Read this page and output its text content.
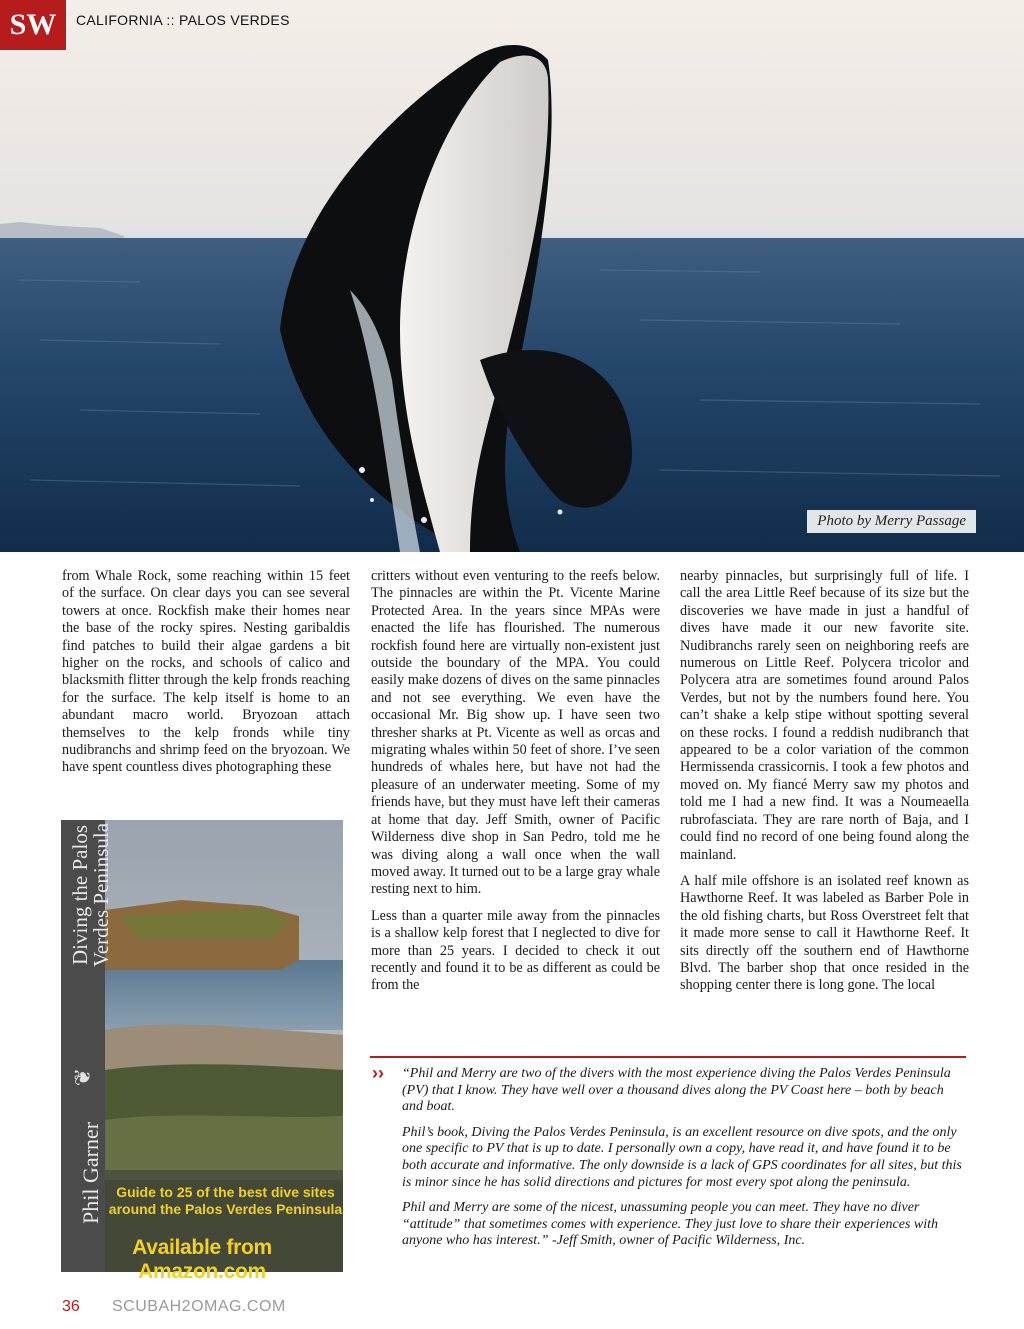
Photo by Merry Passage
SW	CALIFORNIA :: PALOS VERDES

from Whale Rock, some reaching within 15 feet of the surface. On clear days you can see several towers at once. Rockfish make their homes near the base of the rocky spires. Nesting garibaldis find patches to build their algae gardens a bit higher on the rocks, and schools of calico and blacksmith flitter through the kelp fronds reaching for the surface. The kelp itself is home to an abundant macro world. Bryozoan attach themselves to the kelp fronds while tiny nudibranchs and shrimp feed on the bryozoan. We have spent countless dives photographing these

critters without even venturing to the reefs below. The pinnacles are within the Pt. Vicente Marine Protected Area. In the years since MPAs were enacted the life has flourished. The numerous rockfish found here are virtually non-existent just outside the boundary of the MPA. You could easily make dozens of dives on the same pinnacles and not see everything. We even have the occasional Mr. Big show up. I have seen two thresher sharks at Pt. Vicente as well as orcas and migrating whales within 50 feet of shore. I’ve seen hundreds of whales here, but have not had the pleasure of an underwater meeting. Some of my friends have, but they must have left their cameras at home that day. Jeff Smith, owner of Pacific Wilderness dive shop in San Pedro, told me he was diving along a wall once when the wall moved away. It turned out to be a large gray whale resting next to him.

Less than a quarter mile away from the pinnacles is a shallow kelp forest that I neglected to dive for more than 25 years. I decided to check it out recently and found it to be as different as could be from the

nearby pinnacles, but surprisingly full of life. I call the area Little Reef because of its size but the discoveries we have made in just a handful of dives have made it our new favorite site. Nudibranchs rarely seen on neighboring reefs are numerous on Little Reef. Polycera tricolor and Polycera atra are sometimes found around Palos Verdes, but not by the numbers found here. You can’t shake a kelp stipe without spotting several on these rocks. I found a reddish nudibranch that appeared to be a color variation of the common Hermissenda crassicornis. I took a few photos and moved on. My fiancé Merry saw my photos and told me I had a new find. It was a Noumeaella rubrofasciata. They are rare north of Baja, and I could find no record of one being found along the mainland.

A half mile offshore is an isolated reef known as Hawthorne Reef. It was labeled as Barber Pole in the old fishing charts, but Ross Overstreet felt that it made more sense to call it Hawthorne Reef. It sits directly off the southern end of Hawthorne Blvd. The barber shop that once resided in the shopping center there is long gone. The local

Diving the Palos
Verdes Peninsula
❦
Phil Garner Guide to 25 of the best dive sites around the Palos Verdes Peninsula
Available from Amazon.com
›› “Phil and Merry are two of the divers with the most experience diving the Palos Verdes Peninsula (PV) that I know. They have well over a thousand dives along the PV Coast here – both by beach and boat.

Phil’s book, Diving the Palos Verdes Peninsula, is an excellent resource on dive spots, and the only one specific to PV that is up to date. I personally own a copy, have read it, and have found it to be both accurate and informative. The only downside is a lack of GPS coordinates for all sites, but this is minor since he has solid directions and pictures for most every spot along the peninsula.

Phil and Merry are some of the nicest, unassuming people you can meet. They have no diver “attitude” that sometimes comes with experience. They just love to share their experiences with anyone who has interest.” -Jeff Smith, owner of Pacific Wilderness, Inc.

36 SCUBAH2OMAG.COM
